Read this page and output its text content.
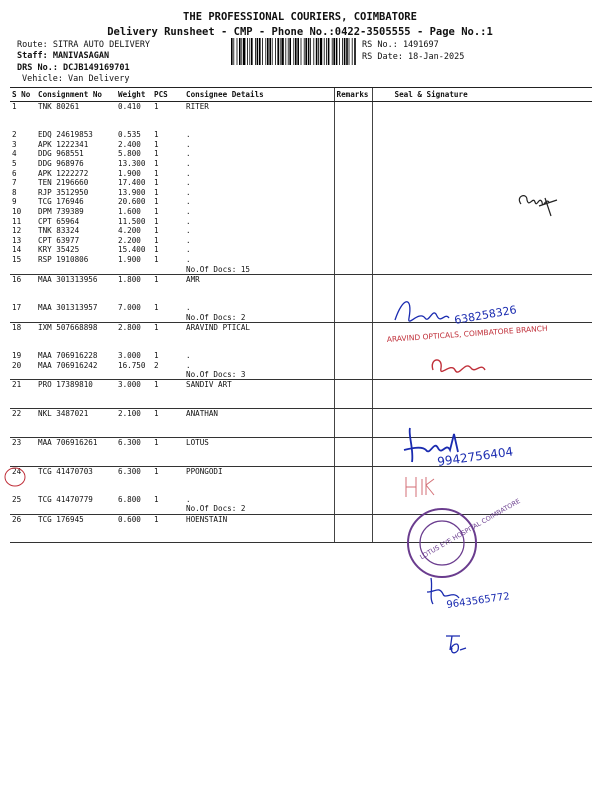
THE PROFESSIONAL COURIERS, COIMBATORE
Delivery Runsheet - CMP - Phone No.:0422-3505555 - Page No.:1
Route: SITRA AUTO DELIVERY
Staff: MANIVASAGAN
DRS No.: DCJB149169701
Vehicle: Van Delivery
RS No.: 1491697
RS Date: 18-Jan-2025
S No	Consignment No	Weight	PCS	Consignee Details	Remarks	Seal & Signature
1	TNK 80261	0.410	1	RITER		

2	EDQ 24619853	0.535	1	.		
3	APK 1222341	2.400	1	.		
4	DDG 968551	5.800	1	.		
5	DDG 968976	13.300	1	.		
6	APK 1222272	1.900	1	.		
7	TEN 2196660	17.400	1	.		
8	RJP 3512950	13.900	1	.		
9	TCG 176946	20.600	1	.		
10	DPM 739389	1.600	1	.		
11	CPT 65964	11.500	1	.		
12	TNK 83324	4.200	1	.		
13	CPT 63977	2.200	1	.		
14	KRY 35425	15.400	1	.		
15	RSP 1910806	1.900	1	.		
				No.Of Docs: 15		
16	MAA 301313956	1.800	1	AMR		

17	MAA 301313957	7.000	1	.		
				No.Of Docs: 2		
18	IXM 507668898	2.800	1	ARAVIND PTICAL		

19	MAA 706916228	3.000	1	.		
20	MAA 706916242	16.750	2	.		
				No.Of Docs: 3		
21	PRO 17389810	3.000	1	SANDIV ART		

22	NKL 3487021	2.100	1	ANATHAN		

23	MAA 706916261	6.300	1	LOTUS		

24	TCG 41470703	6.300	1	PPONGODI		

25	TCG 41470779	6.800	1	.		
				No.Of Docs: 2		
26	TCG 176945	0.600	1	HOENSTAIN		

638258326
ARAVIND OPTICALS, COIMBATORE BRANCH
9942756404
LOTUS EYE HOSPITAL COIMBATORE
9643565772
